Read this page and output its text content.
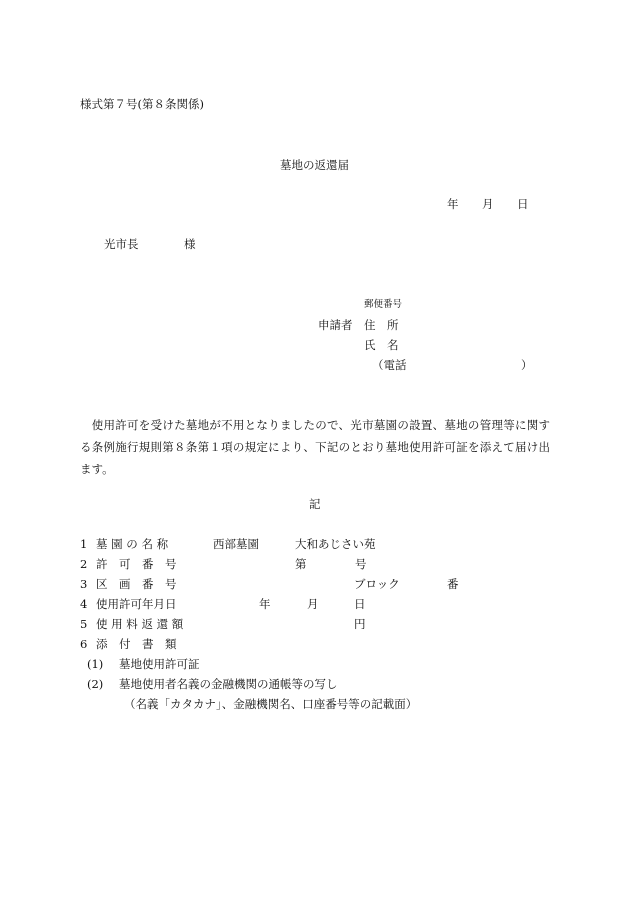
様式第７号(第８条関係)
墓地の返還届
年 月 日
光市長	様
郵便番号
申請者 住　所
氏　名
（電話	）
　使用許可を受けた墓地が不用となりましたので、光市墓園の設置、墓地の管理等に関する条例施行規則第８条第１項の規定により、下記のとおり墓地使用許可証を添えて届け出ます。
記
1 墓 園 の 名 称	西部墓園	大和あじさい苑
2 許　可　番　号	第	号
3 区　画　番　号	ブロック	番
4 使用許可年月日	年	月	日
5 使 用 料 返 還 額	円
6 添　付　書　類
(1) 墓地使用許可証
(2) 墓地使用者名義の金融機関の通帳等の写し
（名義「カタカナ」、金融機関名、口座番号等の記載面）
